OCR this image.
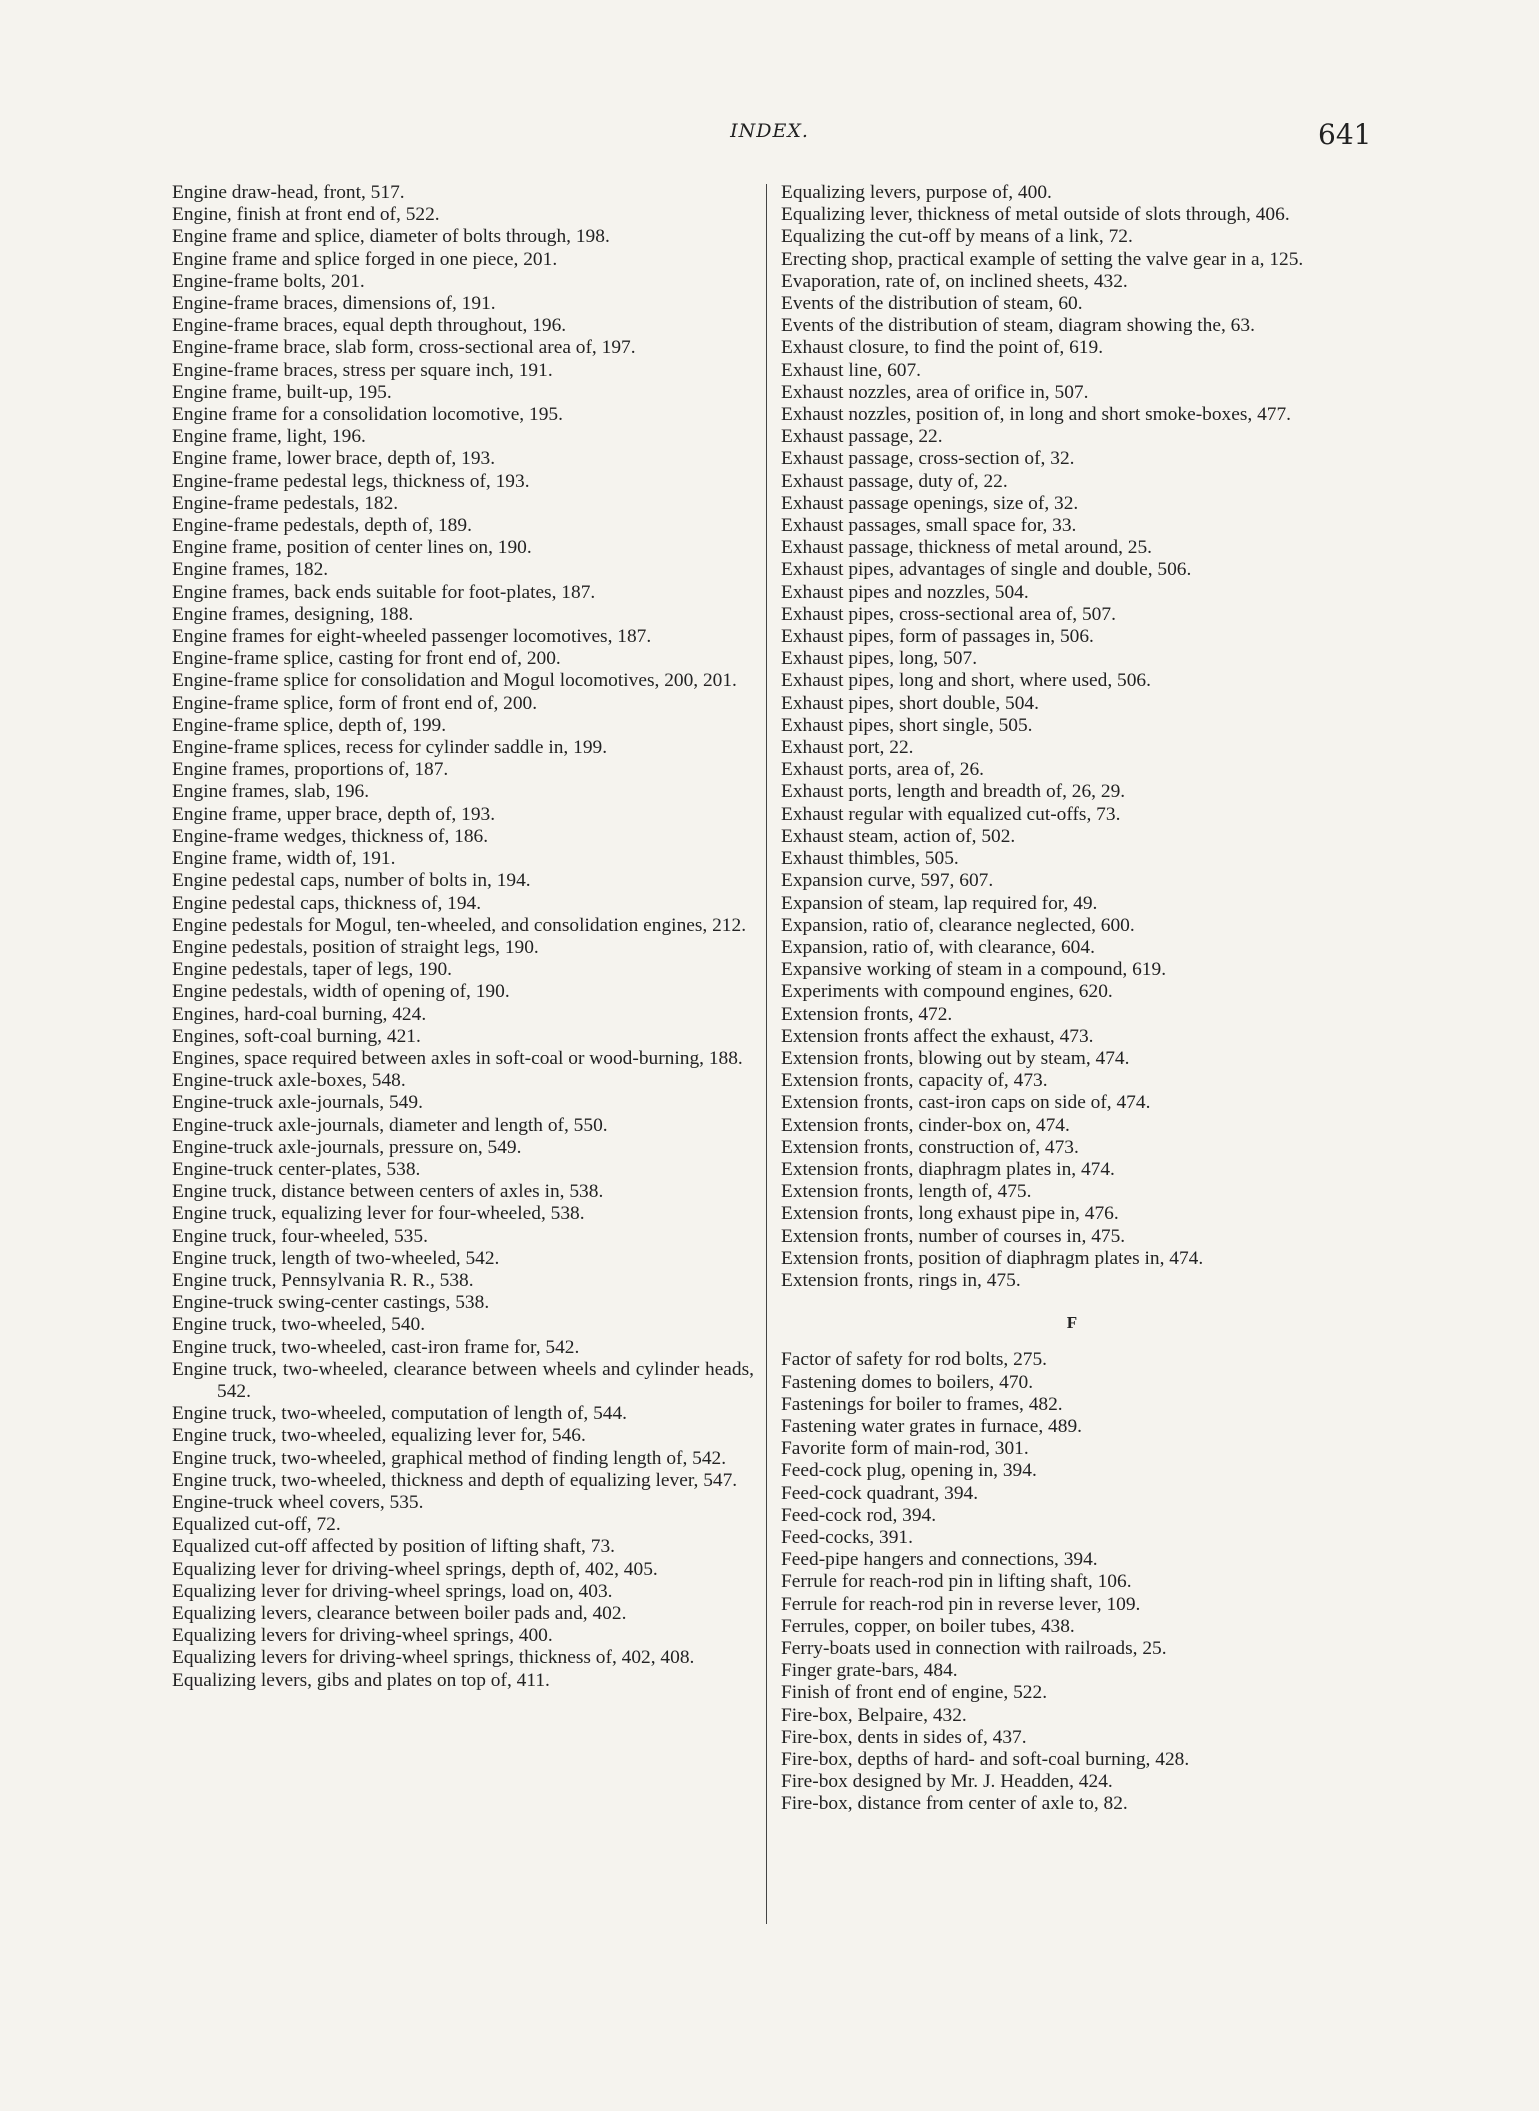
INDEX.	641
Engine draw-head, front, 517.
Engine, finish at front end of, 522.
Engine frame and splice, diameter of bolts through, 198.
Engine frame and splice forged in one piece, 201.
Engine-frame bolts, 201.
Engine-frame braces, dimensions of, 191.
Engine-frame braces, equal depth throughout, 196.
Engine-frame brace, slab form, cross-sectional area of, 197.
Engine-frame braces, stress per square inch, 191.
Engine frame, built-up, 195.
Engine frame for a consolidation locomotive, 195.
Engine frame, light, 196.
Engine frame, lower brace, depth of, 193.
Engine-frame pedestal legs, thickness of, 193.
Engine-frame pedestals, 182.
Engine-frame pedestals, depth of, 189.
Engine frame, position of center lines on, 190.
Engine frames, 182.
Engine frames, back ends suitable for foot-plates, 187.
Engine frames, designing, 188.
Engine frames for eight-wheeled passenger locomotives, 187.
Engine-frame splice, casting for front end of, 200.
Engine-frame splice for consolidation and Mogul locomotives, 200, 201.
Engine-frame splice, form of front end of, 200.
Engine-frame splice, depth of, 199.
Engine-frame splices, recess for cylinder saddle in, 199.
Engine frames, proportions of, 187.
Engine frames, slab, 196.
Engine frame, upper brace, depth of, 193.
Engine-frame wedges, thickness of, 186.
Engine frame, width of, 191.
Engine pedestal caps, number of bolts in, 194.
Engine pedestal caps, thickness of, 194.
Engine pedestals for Mogul, ten-wheeled, and consolidation engines, 212.
Engine pedestals, position of straight legs, 190.
Engine pedestals, taper of legs, 190.
Engine pedestals, width of opening of, 190.
Engines, hard-coal burning, 424.
Engines, soft-coal burning, 421.
Engines, space required between axles in soft-coal or wood-burning, 188.
Engine-truck axle-boxes, 548.
Engine-truck axle-journals, 549.
Engine-truck axle-journals, diameter and length of, 550.
Engine-truck axle-journals, pressure on, 549.
Engine-truck center-plates, 538.
Engine truck, distance between centers of axles in, 538.
Engine truck, equalizing lever for four-wheeled, 538.
Engine truck, four-wheeled, 535.
Engine truck, length of two-wheeled, 542.
Engine truck, Pennsylvania R. R., 538.
Engine-truck swing-center castings, 538.
Engine truck, two-wheeled, 540.
Engine truck, two-wheeled, cast-iron frame for, 542.
Engine truck, two-wheeled, clearance between wheels and cylinder heads, 542.
Engine truck, two-wheeled, computation of length of, 544.
Engine truck, two-wheeled, equalizing lever for, 546.
Engine truck, two-wheeled, graphical method of finding length of, 542.
Engine truck, two-wheeled, thickness and depth of equalizing lever, 547.
Engine-truck wheel covers, 535.
Equalized cut-off, 72.
Equalized cut-off affected by position of lifting shaft, 73.
Equalizing lever for driving-wheel springs, depth of, 402, 405.
Equalizing lever for driving-wheel springs, load on, 403.
Equalizing levers, clearance between boiler pads and, 402.
Equalizing levers for driving-wheel springs, 400.
Equalizing levers for driving-wheel springs, thickness of, 402, 408.
Equalizing levers, gibs and plates on top of, 411.
Equalizing levers, purpose of, 400.
Equalizing lever, thickness of metal outside of slots through, 406.
Equalizing the cut-off by means of a link, 72.
Erecting shop, practical example of setting the valve gear in a, 125.
Evaporation, rate of, on inclined sheets, 432.
Events of the distribution of steam, 60.
Events of the distribution of steam, diagram showing the, 63.
Exhaust closure, to find the point of, 619.
Exhaust line, 607.
Exhaust nozzles, area of orifice in, 507.
Exhaust nozzles, position of, in long and short smoke-boxes, 477.
Exhaust passage, 22.
Exhaust passage, cross-section of, 32.
Exhaust passage, duty of, 22.
Exhaust passage openings, size of, 32.
Exhaust passages, small space for, 33.
Exhaust passage, thickness of metal around, 25.
Exhaust pipes, advantages of single and double, 506.
Exhaust pipes and nozzles, 504.
Exhaust pipes, cross-sectional area of, 507.
Exhaust pipes, form of passages in, 506.
Exhaust pipes, long, 507.
Exhaust pipes, long and short, where used, 506.
Exhaust pipes, short double, 504.
Exhaust pipes, short single, 505.
Exhaust port, 22.
Exhaust ports, area of, 26.
Exhaust ports, length and breadth of, 26, 29.
Exhaust regular with equalized cut-offs, 73.
Exhaust steam, action of, 502.
Exhaust thimbles, 505.
Expansion curve, 597, 607.
Expansion of steam, lap required for, 49.
Expansion, ratio of, clearance neglected, 600.
Expansion, ratio of, with clearance, 604.
Expansive working of steam in a compound, 619.
Experiments with compound engines, 620.
Extension fronts, 472.
Extension fronts affect the exhaust, 473.
Extension fronts, blowing out by steam, 474.
Extension fronts, capacity of, 473.
Extension fronts, cast-iron caps on side of, 474.
Extension fronts, cinder-box on, 474.
Extension fronts, construction of, 473.
Extension fronts, diaphragm plates in, 474.
Extension fronts, length of, 475.
Extension fronts, long exhaust pipe in, 476.
Extension fronts, number of courses in, 475.
Extension fronts, position of diaphragm plates in, 474.
Extension fronts, rings in, 475.
F
Factor of safety for rod bolts, 275.
Fastening domes to boilers, 470.
Fastenings for boiler to frames, 482.
Fastening water grates in furnace, 489.
Favorite form of main-rod, 301.
Feed-cock plug, opening in, 394.
Feed-cock quadrant, 394.
Feed-cock rod, 394.
Feed-cocks, 391.
Feed-pipe hangers and connections, 394.
Ferrule for reach-rod pin in lifting shaft, 106.
Ferrule for reach-rod pin in reverse lever, 109.
Ferrules, copper, on boiler tubes, 438.
Ferry-boats used in connection with railroads, 25.
Finger grate-bars, 484.
Finish of front end of engine, 522.
Fire-box, Belpaire, 432.
Fire-box, dents in sides of, 437.
Fire-box, depths of hard- and soft-coal burning, 428.
Fire-box designed by Mr. J. Headden, 424.
Fire-box, distance from center of axle to, 82.
